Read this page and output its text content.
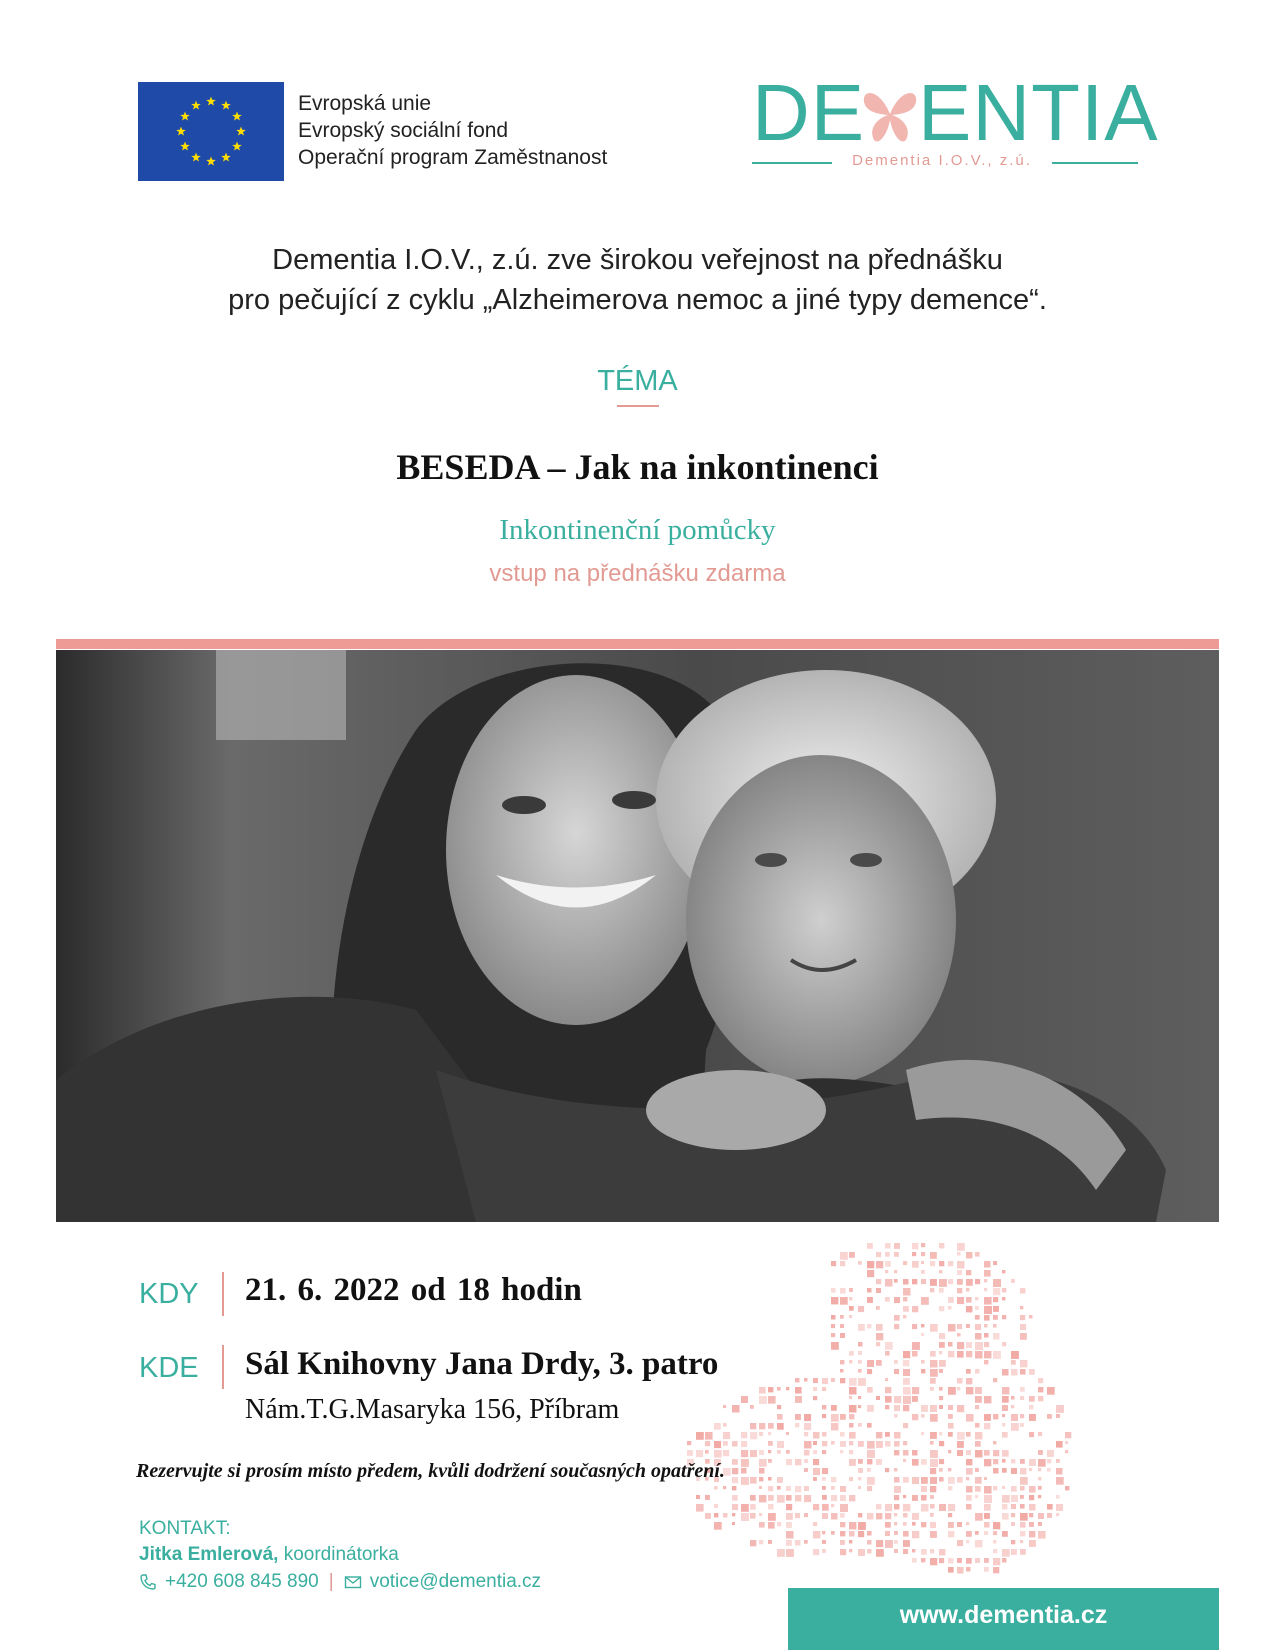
Evropská unie
Evropský sociální fond
Operační program Zaměstnanost
DE ENTIA
Dementia I.O.V., z.ú.
Dementia I.O.V., z.ú. zve širokou veřejnost na přednášku
pro pečující z cyklu „Alzheimerova nemoc a jiné typy demence“.
TÉMA
BESEDA – Jak na inkontinenci
Inkontinenční pomůcky
vstup na přednášku zdarma
KDY 21. 6. 2022 od 18 hodin
KDE Sál Knihovny Jana Drdy, 3. patro
Nám.T.G.Masaryka 156, Příbram
Rezervujte si prosím místo předem, kvůli dodržení současných opatření.
KONTAKT:
Jitka Emlerová, koordinátorka
+420 608 845 890 | votice@dementia.cz
www.dementia.cz
